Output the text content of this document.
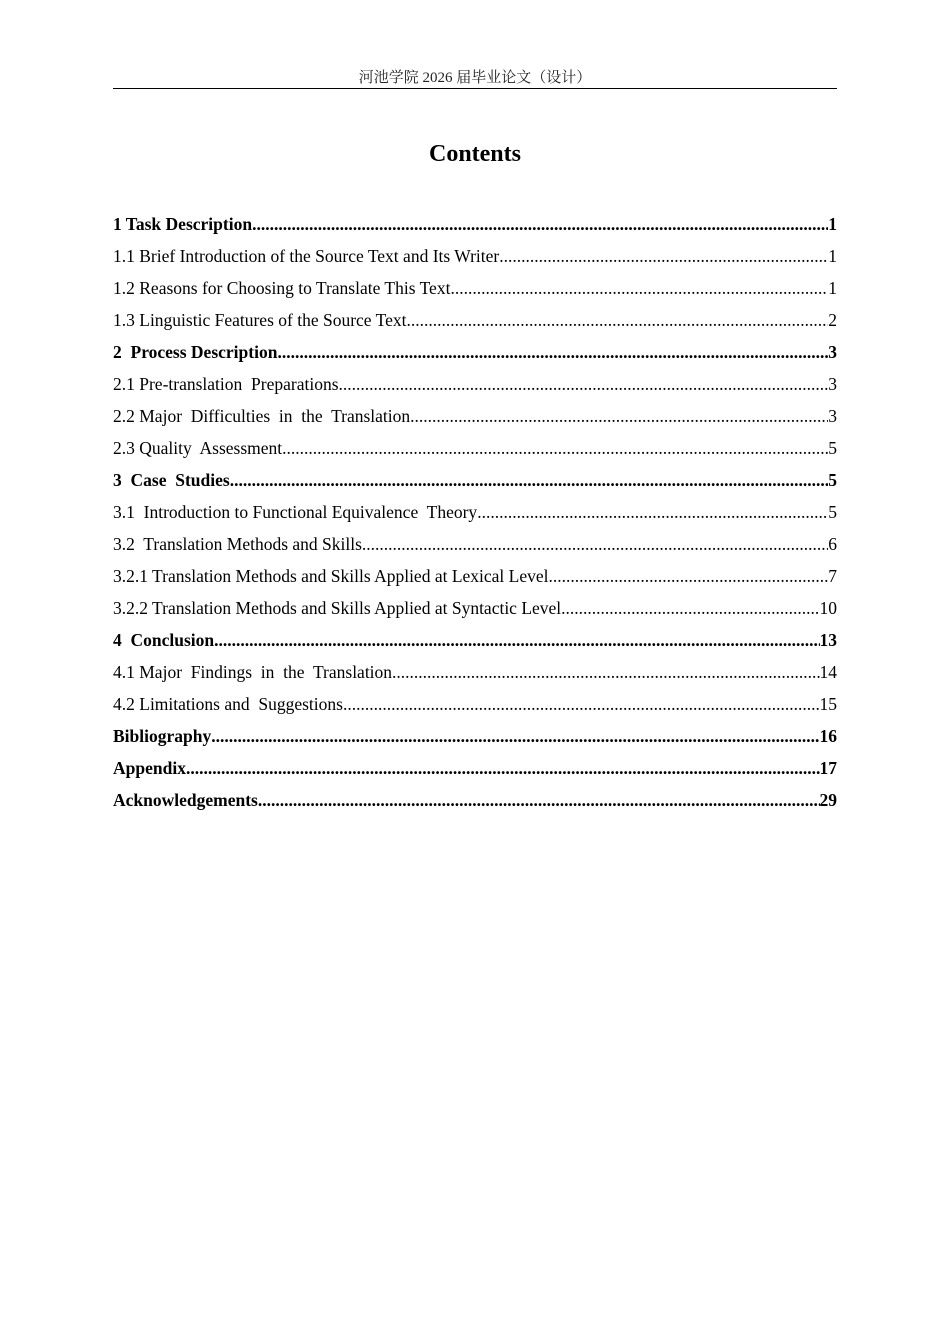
河池学院 2026 届毕业论文（设计）
Contents
1 Task Description .....	1
1.1 Brief Introduction of the Source Text and Its Writer .....	1
1.2 Reasons for Choosing to Translate This Text .....	1
1.3 Linguistic Features of the Source Text .....	2
2  Process Description .....	3
2.1 Pre-translation  Preparations .....	3
2.2 Major  Difficulties  in  the  Translation .....	3
2.3 Quality  Assessment .....	5
3  Case  Studies .....	5
3.1  Introduction to Functional Equivalence  Theory .....	5
3.2  Translation Methods and Skills .....	6
3.2.1 Translation Methods and Skills Applied at Lexical Level .....	7
3.2.2 Translation Methods and Skills Applied at Syntactic Level .....	10
4  Conclusion .....	13
4.1 Major  Findings  in  the  Translation .....	14
4.2 Limitations and  Suggestions .....	15
Bibliography .....	16
Appendix .....	17
Acknowledgements .....	29
